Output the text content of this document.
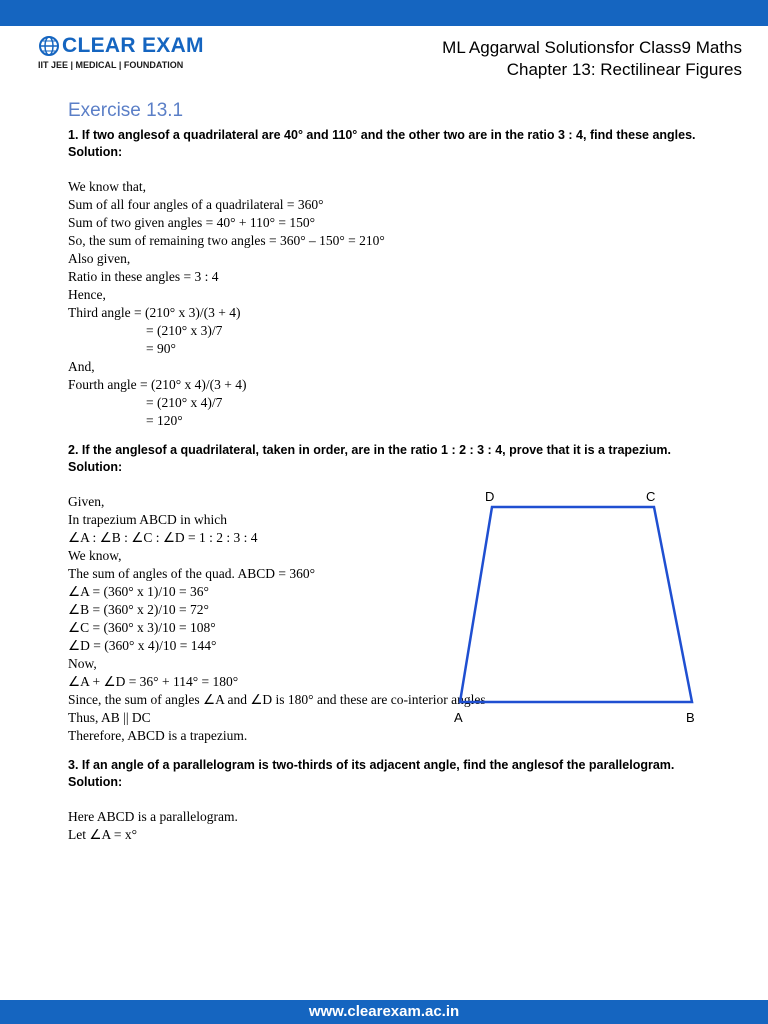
CLEAR EXAM
IIT JEE | MEDICAL | FOUNDATION
ML Aggarwal Solutionsfor Class9 Maths
Chapter 13: Rectilinear Figures
Exercise 13.1
1. If two anglesof a quadrilateral are 40° and 110° and the other two are in the ratio 3 : 4, find these angles.
Solution:
We know that,
Sum of all four angles of a quadrilateral = 360°
Sum of two given angles = 40° + 110° = 150°
So, the sum of remaining two angles = 360° – 150° = 210°
Also given,
Ratio in these angles = 3 : 4
Hence,
Third angle = (210° x 3)/(3 + 4)
= (210° x 3)/7
= 90°
And,
Fourth angle = (210° x 4)/(3 + 4)
= (210° x 4)/7
= 120°
2. If the anglesof a quadrilateral, taken in order, are in the ratio 1 : 2 : 3 : 4, prove that it is a trapezium.
Solution:
Given,
In trapezium ABCD in which
∠A : ∠B : ∠C : ∠D = 1 : 2 : 3 : 4
We know,
The sum of angles of the quad. ABCD = 360°
∠A = (360° x 1)/10 = 36°
∠B = (360° x 2)/10 = 72°
∠C = (360° x 3)/10 = 108°
∠D = (360° x 4)/10 = 144°
Now,
∠A + ∠D = 36° + 114° = 180°
Since, the sum of angles ∠A and ∠D is 180° and these are co-interior angles
Thus, AB || DC
Therefore, ABCD is a trapezium.
3. If an angle of a parallelogram is two-thirds of its adjacent angle, find the anglesof the parallelogram.
Solution:
Here ABCD is a parallelogram.
Let ∠A = x°
D	C
A	B
www.clearexam.ac.in
